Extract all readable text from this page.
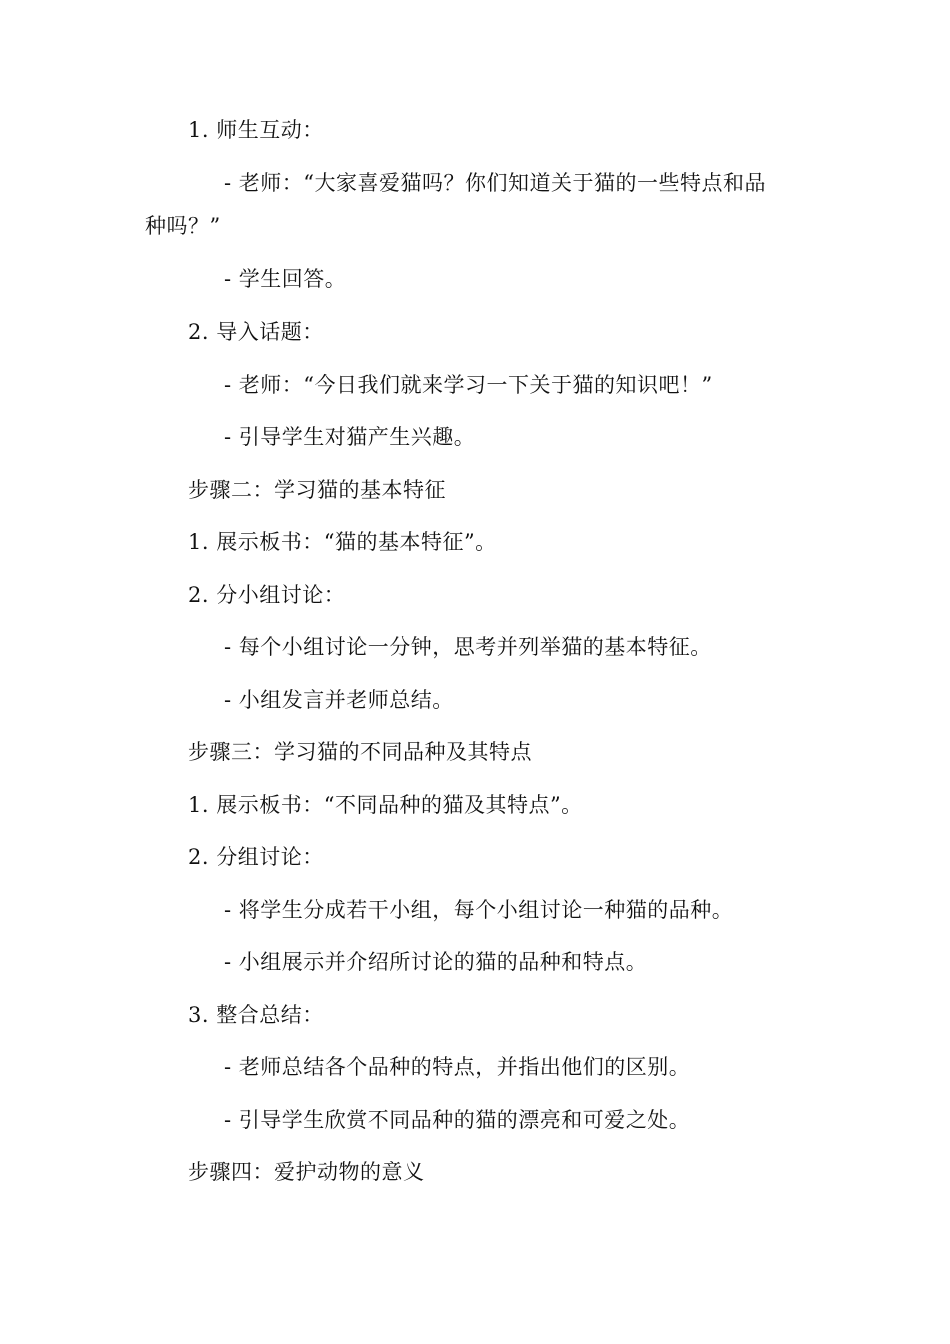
1. 师生互动：
- 老师：“大家喜爱猫吗？你们知道关于猫的一些特点和品
种吗？”
- 学生回答。
2. 导入话题：
- 老师：“今日我们就来学习一下关于猫的知识吧！”
- 引导学生对猫产生兴趣。
步骤二：学习猫的基本特征
1. 展示板书：“猫的基本特征”。
2. 分小组讨论：
- 每个小组讨论一分钟，思考并列举猫的基本特征。
- 小组发言并老师总结。
步骤三：学习猫的不同品种及其特点
1. 展示板书：“不同品种的猫及其特点”。
2. 分组讨论：
- 将学生分成若干小组，每个小组讨论一种猫的品种。
- 小组展示并介绍所讨论的猫的品种和特点。
3. 整合总结：
- 老师总结各个品种的特点，并指出他们的区别。
- 引导学生欣赏不同品种的猫的漂亮和可爱之处。
步骤四：爱护动物的意义
